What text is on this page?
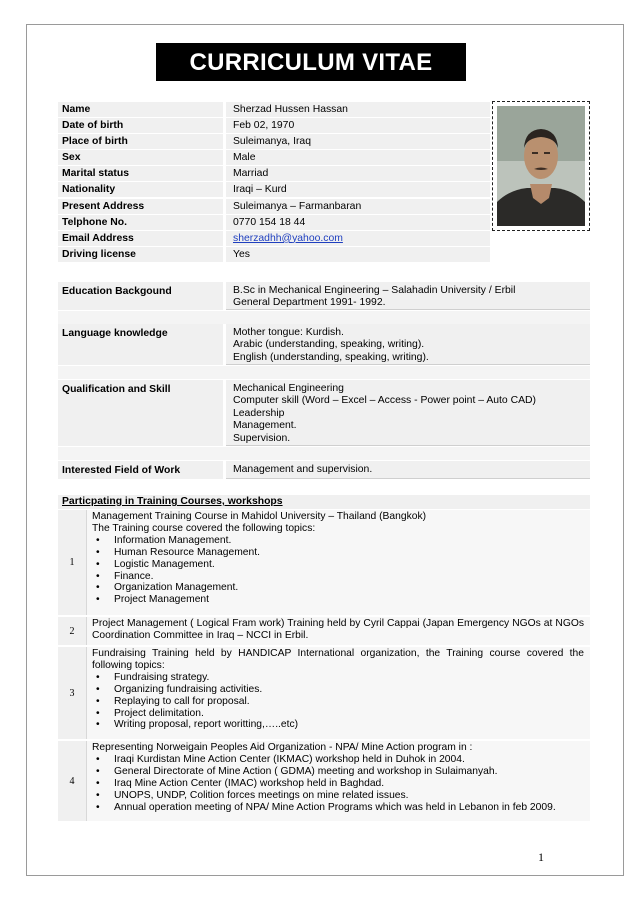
CURRICULUM VITAE
Name	Sherzad Hussen Hassan
Date of birth	Feb 02, 1970
Place of birth	Suleimanya, Iraq
Sex	Male
Marital status	Marriad
Nationality	Iraqi – Kurd
Present Address	Suleimanya – Farmanbaran
Telphone No.	0770 154 18 44
Email Address	sherzadhh@yahoo.com
Driving license	Yes
Education Backgound	B.Sc in Mechanical Engineering – Salahadin University / Erbil
General Department 1991- 1992.
Language knowledge	Mother tongue: Kurdish.
Arabic (understanding, speaking, writing).
English (understanding, speaking, writing).
Qualification and Skill	Mechanical Engineering
Computer skill (Word – Excel – Access - Power point – Auto CAD)
Leadership
Management.
Supervision.
Interested Field of Work	Management and supervision.
Particpating in Training Courses, workshops
1

Management Training Course in Mahidol University – Thailand (Bangkok)

The Training course covered the following topics:

• Information Management.
• Human Resource Management.
• Logistic Management.
• Finance.
• Organization Management.
• Project Management
2

Project Management ( Logical Fram work) Training held by Cyril Cappai (Japan Emergency NGOs at NGOs Coordination Committee in Iraq – NCCI in Erbil.

3

Fundraising Training held by HANDICAP International organization, the Training course covered the following topics:

• Fundraising strategy.
• Organizing fundraising activities.
• Replaying to call for proposal.
• Project delimitation.
• Writing proposal, report woritting,…..etc)
4

Representing Norweigain Peoples Aid Organization - NPA/ Mine Action program in :

• Iraqi Kurdistan Mine Action Center (IKMAC) workshop held in Duhok in 2004.
• General Directorate of Mine Action ( GDMA) meeting and workshop in Sulaimanyah.
• Iraq Mine Action Center (IMAC) workshop held in Baghdad.
• UNOPS, UNDP, Colition forces meetings on mine related issues.
• Annual operation meeting of NPA/ Mine Action Programs which was held in Lebanon in feb 2009.
1
